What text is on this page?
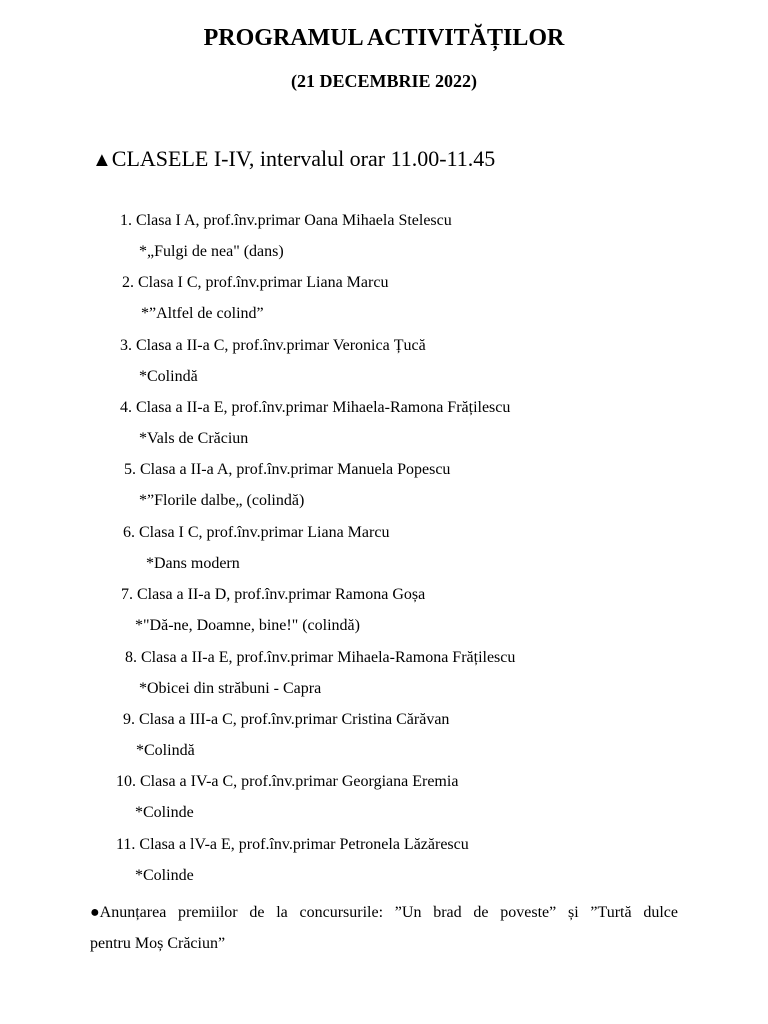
PROGRAMUL ACTIVITĂȚILOR
(21 DECEMBRIE 2022)
▲CLASELE I-IV, intervalul orar 11.00-11.45
1. Clasa I A, prof.înv.primar Oana Mihaela Stelescu
*„Fulgi de nea" (dans)
2. Clasa I C, prof.înv.primar Liana Marcu
*”Altfel de colind”
3. Clasa a II-a C, prof.înv.primar Veronica Țucă
*Colindă
4. Clasa a II-a E, prof.înv.primar Mihaela-Ramona Frățilescu
*Vals de Crăciun
5. Clasa a II-a A, prof.înv.primar Manuela Popescu
*”Florile dalbe„ (colindă)
6. Clasa I C, prof.înv.primar Liana Marcu
*Dans modern
7. Clasa a II-a D, prof.înv.primar Ramona Goșa
*"Dă-ne, Doamne, bine!" (colindă)
8. Clasa a II-a E, prof.înv.primar Mihaela-Ramona Frățilescu
*Obicei din străbuni - Capra
9. Clasa a III-a C, prof.înv.primar Cristina Cărăvan
*Colindă
10. Clasa a IV-a C, prof.înv.primar Georgiana Eremia
*Colinde
11. Clasa a lV-a E, prof.înv.primar Petronela Lăzărescu
*Colinde
●Anunțarea premiilor de la concursurile: ”Un brad de poveste” și ”Turtă dulce
pentru Moș Crăciun”
